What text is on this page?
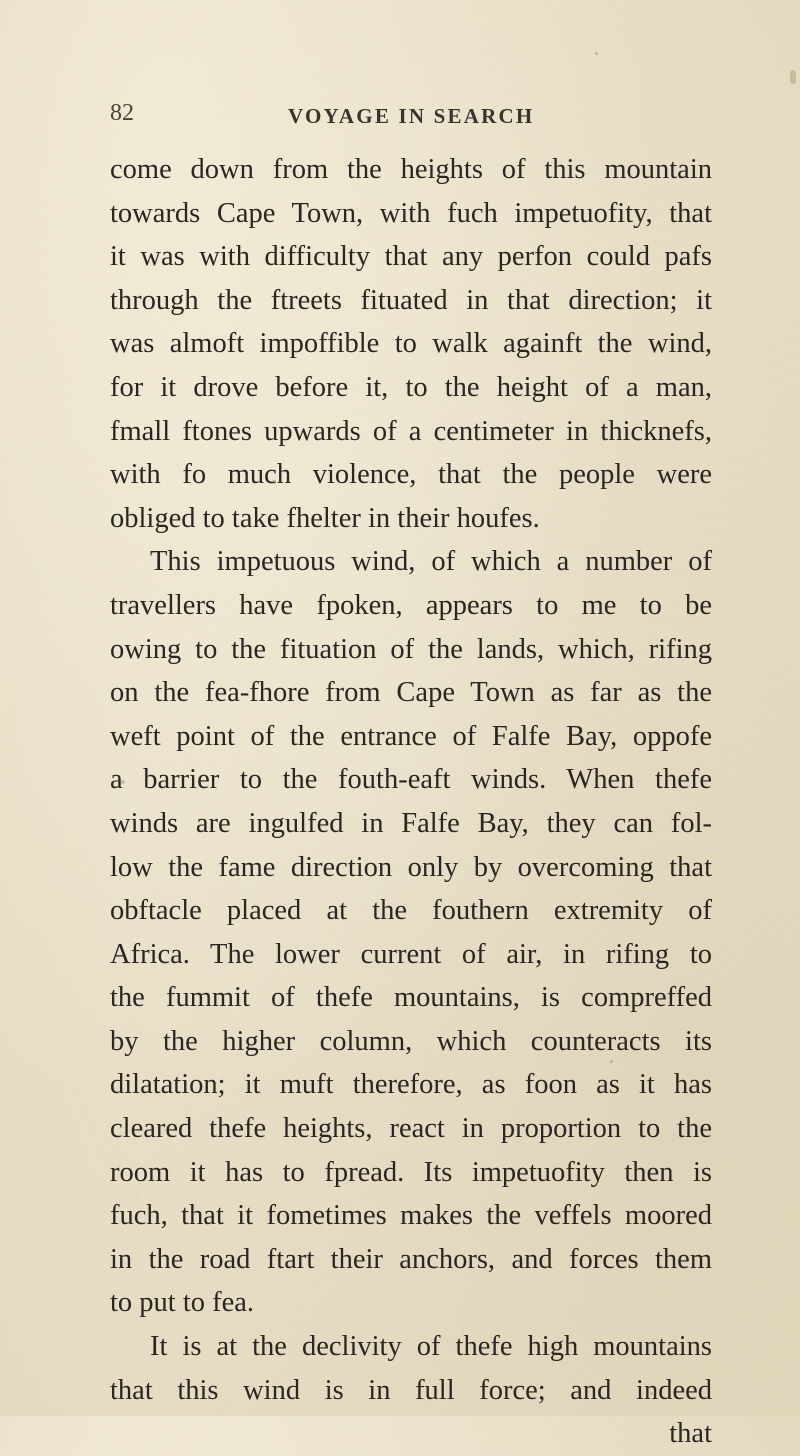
82	VOYAGE IN SEARCH
come down from the heights of this mountain
towards Cape Town, with fuch impetuofity, that
it was with difficulty that any perfon could pafs
through the ftreets fituated in that direction; it
was almoft impoffible to walk againft the wind,
for it drove before it, to the height of a man,
fmall ftones upwards of a centimeter in thicknefs,
with fo much violence, that the people were
obliged to take fhelter in their houfes.
This impetuous wind, of which a number of
travellers have fpoken, appears to me to be
owing to the fituation of the lands, which, rifing
on the fea-fhore from Cape Town as far as the
weft point of the entrance of Falfe Bay, oppofe
a barrier to the fouth-eaft winds. When thefe
winds are ingulfed in Falfe Bay, they can fol-
low the fame direction only by overcoming that
obftacle placed at the fouthern extremity of
Africa. The lower current of air, in rifing to
the fummit of thefe mountains, is compreffed
by the higher column, which counteracts its
dilatation; it muft therefore, as foon as it has
cleared thefe heights, react in proportion to the
room it has to fpread. Its impetuofity then is
fuch, that it fometimes makes the veffels moored
in the road ftart their anchors, and forces them
to put to fea.
It is at the declivity of thefe high mountains
that this wind is in full force; and indeed
that
